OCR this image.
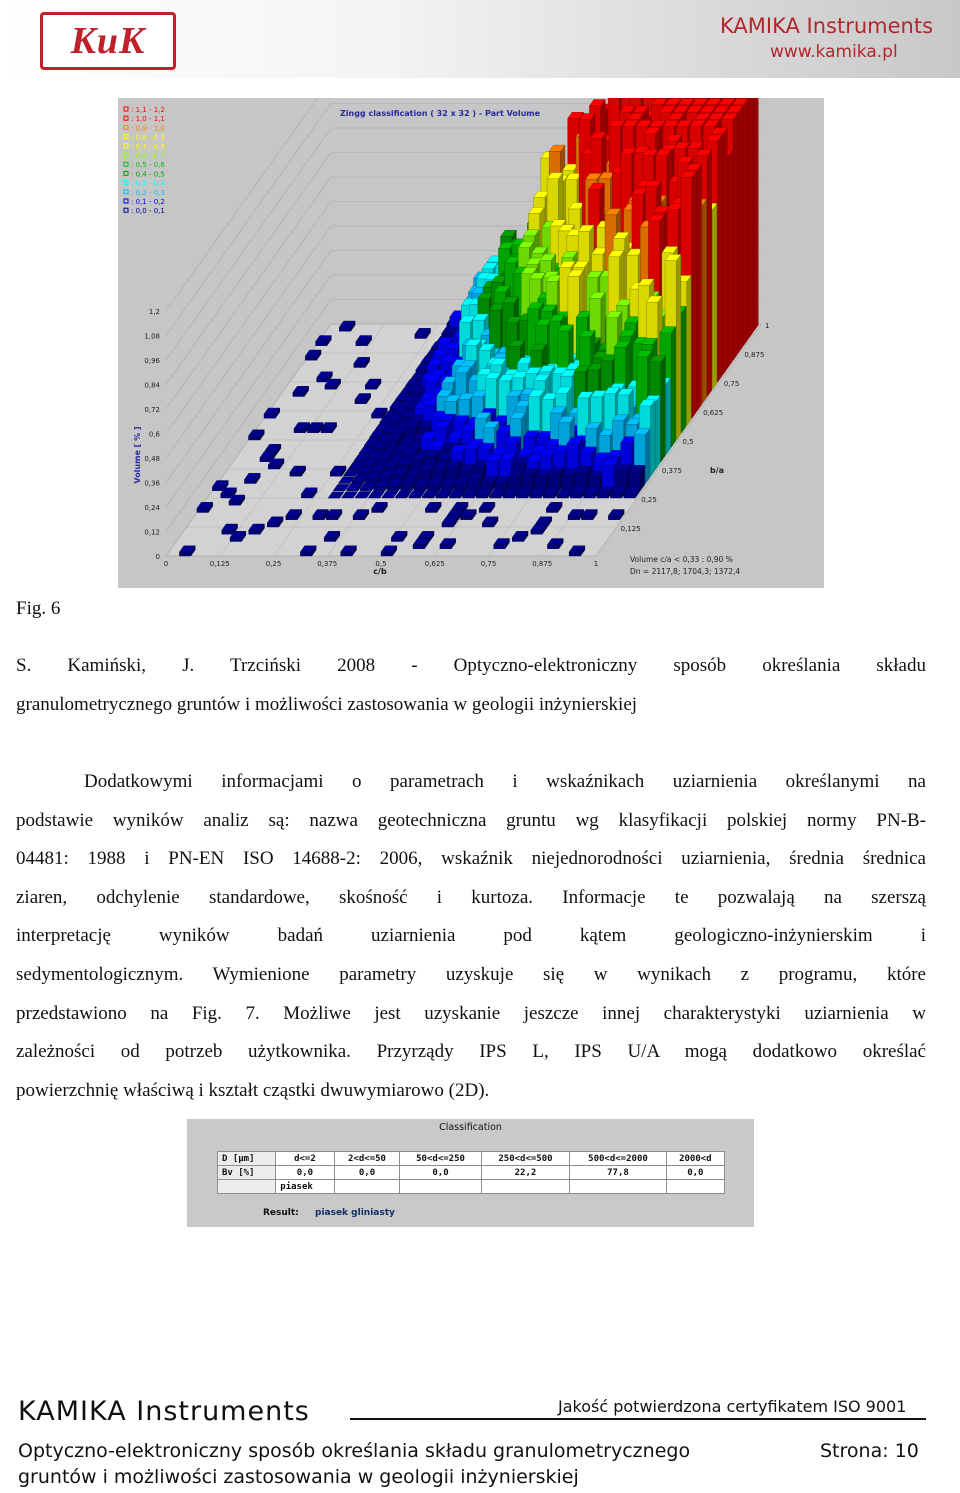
KuK	KAMIKA Instruments
www.kamika.pl
0
0,12
0,24
0,36
0,48
0,6
0,72
0,84
0,96
1,08
1,2
0	0,125	0,25	0,375	0,5	0,625	0,75	0,875	1
0,125
0,25
0,375
0,5
0,625
0,75
0,875
1
: 1,1 - 1,2
: 1,0 - 1,1
: 0,9 - 1,0
: 0,8 - 0,9
: 0,7 - 0,8
: 0,6 - 0,7
: 0,5 - 0,6
: 0,4 - 0,5
: 0,3 - 0,4
: 0,2 - 0,3
: 0,1 - 0,2
: 0,0 - 0,1
Zingg classification ( 32 x 32 ) - Part Volume
Volume [ % ]
c/b
b/a
Volume c/a < 0,33 : 0,90 %
Dn = 2117,8; 1704,3; 1372,4
Fig. 6
S. Kamiński, J. Trzciński 2008 - Optyczno-elektroniczny sposób określania składu
granulometrycznego gruntów i możliwości zastosowania w geologii inżynierskiej
Dodatkowymi informacjami o parametrach i wskaźnikach uziarnienia określanymi na
podstawie wyników analiz są: nazwa geotechniczna gruntu wg klasyfikacji polskiej normy PN-B-
04481: 1988 i PN-EN ISO 14688-2: 2006, wskaźnik niejednorodności uziarnienia, średnia średnica
ziaren, odchylenie standardowe, skośność i kurtoza. Informacje te pozwalają na szerszą
interpretację wyników badań uziarnienia pod kątem geologiczno-inżynierskim i
sedymentologicznym. Wymienione parametry uzyskuje się w wynikach z programu, które
przedstawiono na Fig. 7. Możliwe jest uzyskanie jeszcze innej charakterystyki uziarnienia w
zależności od potrzeb użytkownika. Przyrządy IPS L, IPS U/A mogą dodatkowo określać
powierzchnię właściwą i kształt cząstki dwuwymiarowo (2D).
Classification
D [µm]	d<=2	2<d<=50	50<d<=250	250<d<=500	500<d<=2000	2000<d
Bv [%]	0,0	0,0	0,0	22,2	77,8	0,0
	piasek					
Result: piasek gliniasty
KAMIKA Instruments	Jakość potwierdzona certyfikatem ISO 9001
Optyczno-elektroniczny sposób określania składu granulometrycznego
gruntów i możliwości zastosowania w geologii inżynierskiej
Strona: 10
